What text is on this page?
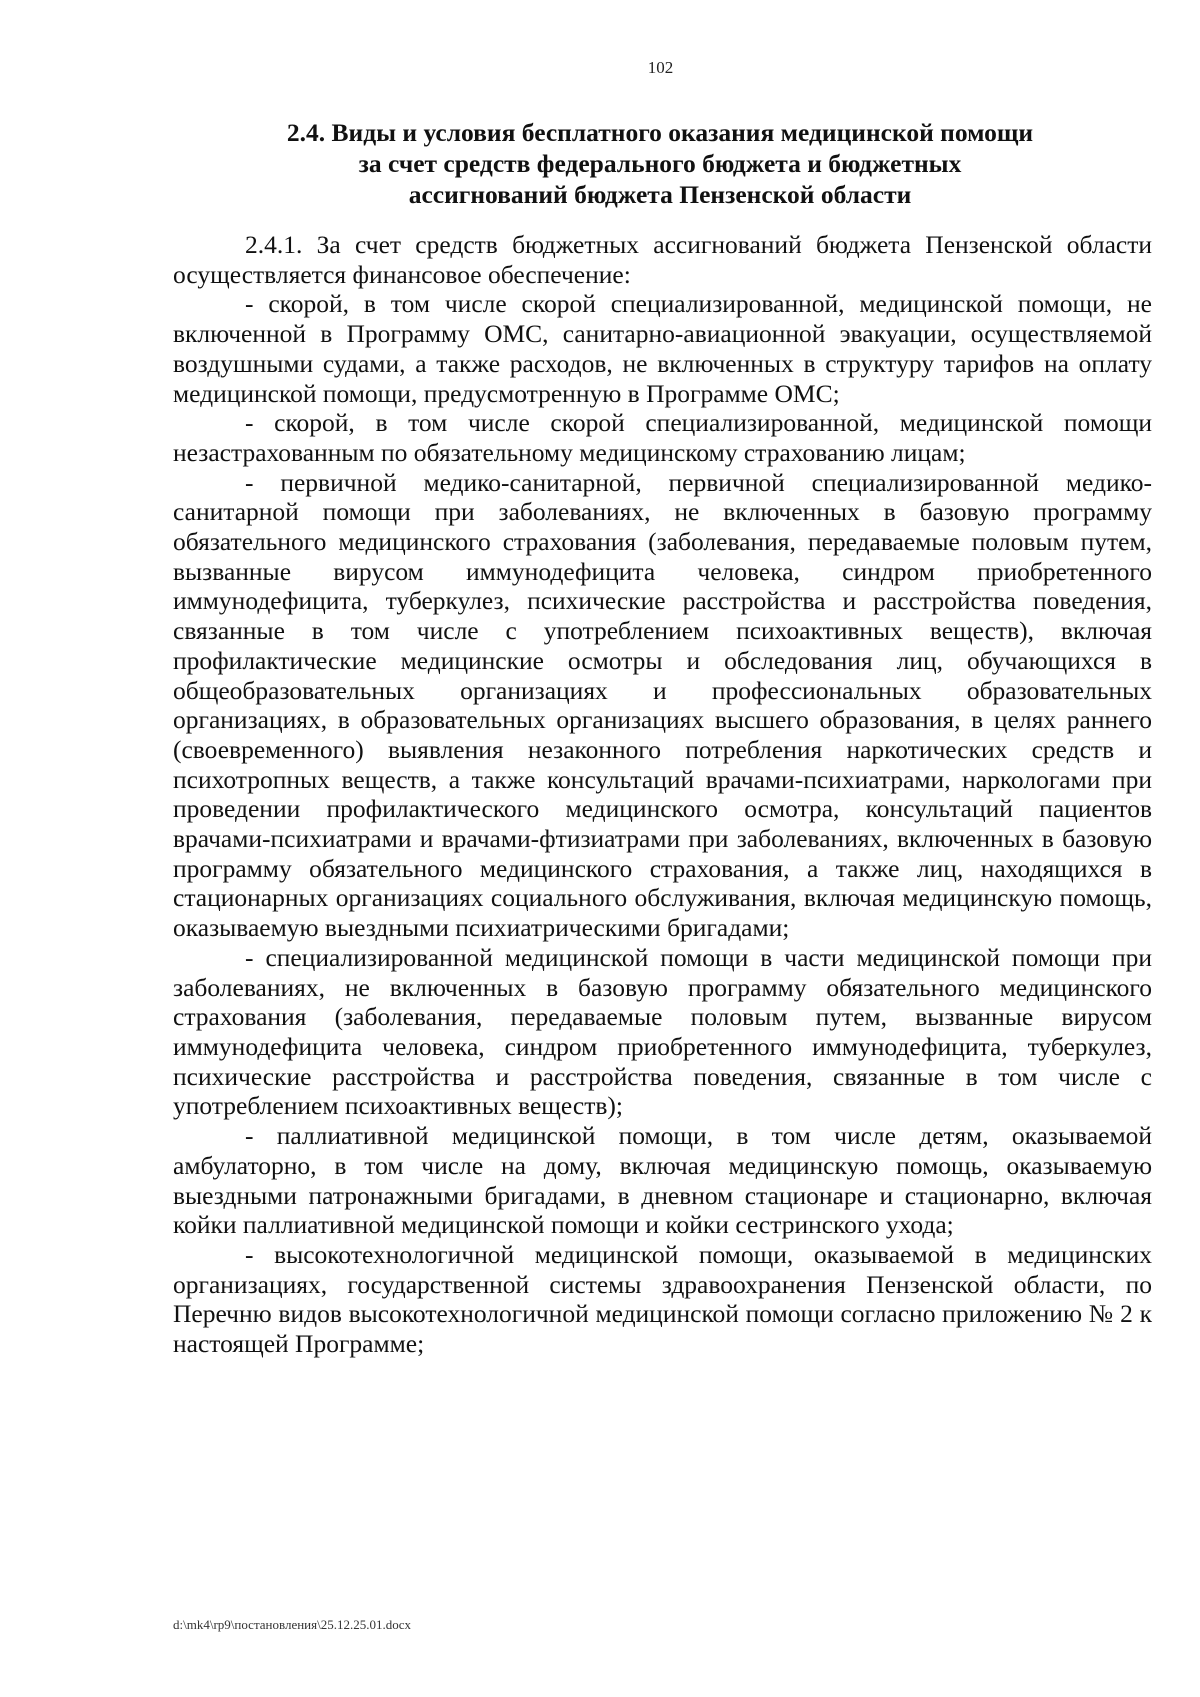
102
2.4. Виды и условия бесплатного оказания медицинской помощи
за счет средств федерального бюджета и бюджетных
ассигнований бюджета Пензенской области

2.4.1. За счет средств бюджетных ассигнований бюджета Пензенской области осуществляется финансовое обеспечение:

- скорой, в том числе скорой специализированной, медицинской помощи, не включенной в Программу ОМС, санитарно-авиационной эвакуации, осуществляемой воздушными судами, а также расходов, не включенных в структуру тарифов на оплату медицинской помощи, предусмотренную в Программе ОМС;

- скорой, в том числе скорой специализированной, медицинской помощи незастрахованным по обязательному медицинскому страхованию лицам;

- первичной медико-санитарной, первичной специализированной медико-санитарной помощи при заболеваниях, не включенных в базовую программу обязательного медицинского страхования (заболевания, передаваемые половым путем, вызванные вирусом иммунодефицита человека, синдром приобретенного иммунодефицита, туберкулез, психические расстройства и расстройства поведения, связанные в том числе с употреблением психоактивных веществ), включая профилактические медицинские осмотры и обследования лиц, обучающихся в общеобразовательных организациях и профессиональных образовательных организациях, в образовательных организациях высшего образования, в целях раннего (своевременного) выявления незаконного потребления наркотических средств и психотропных веществ, а также консультаций врачами-психиатрами, наркологами при проведении профилактического медицинского осмотра, консультаций пациентов врачами-психиатрами и врачами-фтизиатрами при заболеваниях, включенных в базовую программу обязательного медицинского страхования, а также лиц, находящихся в стационарных организациях социального обслуживания, включая медицинскую помощь, оказываемую выездными психиатрическими бригадами;

- специализированной медицинской помощи в части медицинской помощи при заболеваниях, не включенных в базовую программу обязательного медицинского страхования (заболевания, передаваемые половым путем, вызванные вирусом иммунодефицита человека, синдром приобретенного иммунодефицита, туберкулез, психические расстройства и расстройства поведения, связанные в том числе с употреблением психоактивных веществ);

- паллиативной медицинской помощи, в том числе детям, оказываемой амбулаторно, в том числе на дому, включая медицинскую помощь, оказываемую выездными патронажными бригадами, в дневном стационаре и стационарно, включая койки паллиативной медицинской помощи и койки сестринского ухода;

- высокотехнологичной медицинской помощи, оказываемой в медицинских организациях, государственной системы здравоохранения Пензенской области, по Перечню видов высокотехнологичной медицинской помощи согласно приложению № 2 к настоящей Программе;

d:\mk4\rp9\постановления\25.12.25.01.docx
